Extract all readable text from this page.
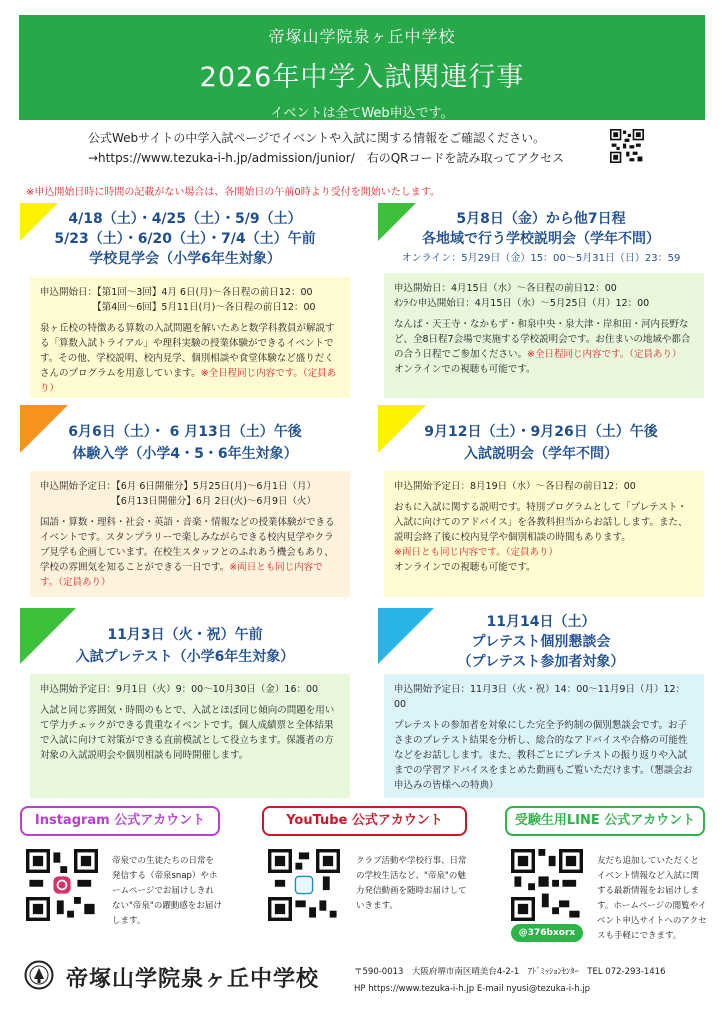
帝塚山学院泉ヶ丘中学校
2026年中学入試関連行事
イベントは全てWeb申込です。
公式Webサイトの中学入試ページでイベントや入試に関する情報をご確認ください。
→https://www.tezuka-i-h.jp/admission/junior/　右のQRコードを読み取ってアクセス
※申込開始日時に時間の記載がない場合は、各開始日の午前0時より受付を開始いたします。
4/18（土）・4/25（土）・5/9（土）
5/23（土）・6/20（土）・7/4（土）午前
学校見学会（小学6年生対象）
申込開始日：【第1回～3回】4月 6日(月)～各日程の前日12：00
　　　　　　【第4回～6回】5月11日(月)～各日程の前日12：00

泉ヶ丘校の特徴ある算数の入試問題を解いたあと数学科教員が解説する「算数入試トライアル」や理科実験の授業体験ができるイベントです。その他、学校説明、校内見学、個別相談や食堂体験など盛りだくさんのプログラムを用意しています。※全日程同じ内容です。（定員あり）

5月8日（金）から他7日程
各地域で行う学校説明会（学年不問）
オンライン：5月29日（金）15：00～5月31日（日）23：59
申込開始日：4月15日（水）～各日程の前日12：00
ｵﾝﾗｲﾝ申込開始日：4月15日（水）～5月25日（月）12：00

なんば・天王寺・なかもず・和泉中央・泉大津・岸和田・河内長野など、全8日程7会場で実施する学校説明会です。お住まいの地域や都合の合う日程でご参加ください。※全日程同じ内容です。（定員あり）

オンラインでの視聴も可能です。

6月6日（土）・ 6 月13日（土）午後
体験入学（小学4・5・6年生対象）
申込開始予定日：【6月 6日開催分】5月25日(月)～6月1日（月）
　　　　　　　　【6月13日開催分】6月 2日(火)～6月9日（火）

国語・算数・理科・社会・英語・音楽・情報などの授業体験ができるイベントです。スタンプラリーで楽しみながらできる校内見学やクラブ見学も企画しています。在校生スタッフとのふれあう機会もあり、学校の雰囲気を知ることができる一日です。※両日とも同じ内容です。（定員あり）

9月12日（土）・9月26日（土）午後
入試説明会（学年不問）
申込開始予定日：8月19日（水）～各日程の前日12：00

おもに入試に関する説明です。特別プログラムとして「プレテスト・入試に向けてのアドバイス」を各教科担当からお話しします。また、説明会終了後に校内見学や個別相談の時間もあります。

※両日とも同じ内容です。（定員あり）

オンラインでの視聴も可能です。

11月3日（火・祝）午前
入試プレテスト（小学6年生対象）
申込開始予定日：9月1日（火）9：00～10月30日（金）16：00

入試と同じ雰囲気・時間のもとで、入試とほぼ同じ傾向の問題を用いて学力チェックができる貴重なイベントです。個人成績票と全体結果で入試に向けて対策ができる直前模試として役立ちます。保護者の方対象の入試説明会や個別相談も同時開催します。

11月14日（土）
プレテスト個別懇談会
（プレテスト参加者対象）
申込開始予定日：11月3日（火・祝）14：00～11月9日（月）12：00

プレテストの参加者を対象にした完全予約制の個別懇談会です。お子さまのプレテスト結果を分析し、総合的なアドバイスや合格の可能性などをお話しします。また、教科ごとにプレテストの振り返りや入試までの学習アドバイスをまとめた動画もご覧いただけます。（懇談会お申込みの皆様への特典）

Instagram 公式アカウント
帝泉での生徒たちの日常を発信する（帝泉snap）やホームページでお届けしきれない"帝泉"の躍動感をお届けします。
YouTube 公式アカウント
クラブ活動や学校行事、日常の学校生活など、"帝泉"の魅力発信動画を随時お届けしていきます。
受験生用LINE 公式アカウント
@376bxorx
友だち追加していただくとイベント情報など入試に関する最新情報をお届けします。ホームページの閲覧やイベント申込サイトへのアクセスも手軽にできます。
帝塚山学院泉ヶ丘中学校	〒590-0013　大阪府堺市南区晴美台4-2-1　ｱﾄﾞﾐｯｼｮﾝｾﾝﾀｰ　TEL 072-293-1416
HP https://www.tezuka-i-h.jp E-mail nyusi@tezuka-i-h.jp
